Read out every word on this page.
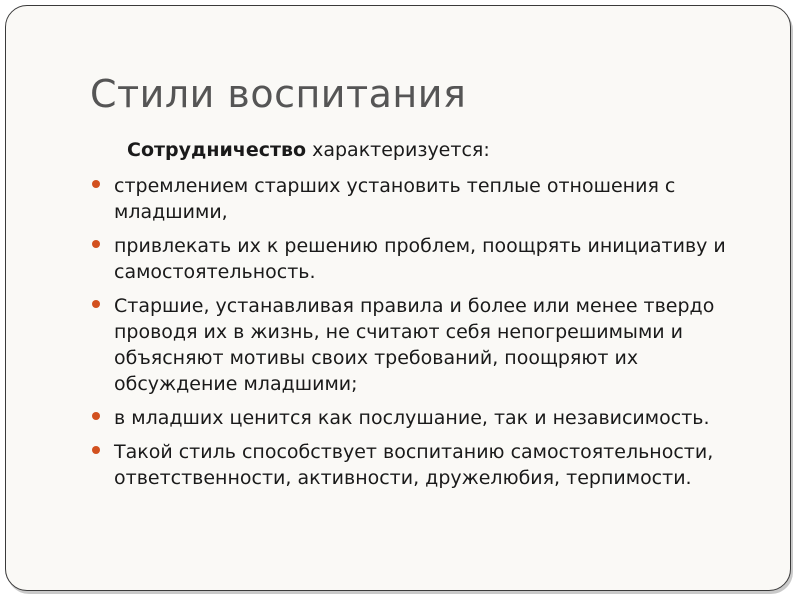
Стили воспитания

Сотрудничество характеризуется:

стремлением старших установить теплые отношения с младшими,
привлекать их к решению проблем, поощрять инициативу и самостоятельность.
Старшие, устанавливая правила и более или менее твердо проводя их в жизнь, не считают себя непогрешимыми и объясняют мотивы своих требований, поощряют их обсуждение младшими;
в младших ценится как послушание, так и независимость.
Такой стиль способствует воспитанию самостоятельности, ответственности, активности, дружелюбия, терпимости.
